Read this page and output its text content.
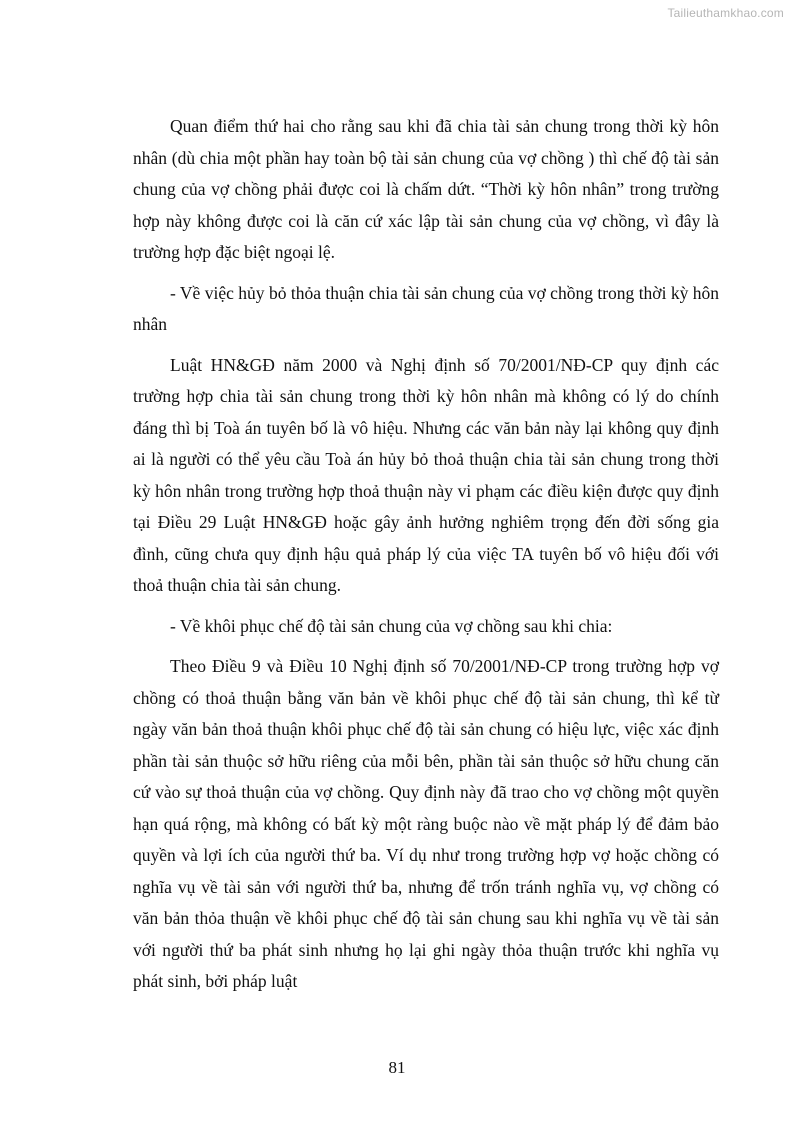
Tailieuthamkhao.com

Quan điểm thứ hai cho rằng sau khi đã chia tài sản chung trong thời kỳ hôn nhân (dù chia một phần hay toàn bộ tài sản chung của vợ chồng ) thì chế độ tài sản chung của vợ chồng phải được coi là chấm dứt. “Thời kỳ hôn nhân” trong trường hợp này không được coi là căn cứ xác lập tài sản chung của vợ chồng, vì đây là trường hợp đặc biệt ngoại lệ.

- Về việc hủy bỏ thỏa thuận chia tài sản chung của vợ chồng trong thời kỳ hôn nhân

Luật HN&GĐ năm 2000 và Nghị định số 70/2001/NĐ-CP quy định các trường hợp chia tài sản chung trong thời kỳ hôn nhân mà không có lý do chính đáng thì bị Toà án tuyên bố là vô hiệu. Nhưng các văn bản này lại không quy định ai là người có thể yêu cầu Toà án hủy bỏ thoả thuận chia tài sản chung trong thời kỳ hôn nhân trong trường hợp thoả thuận này vi phạm các điều kiện được quy định tại Điều 29 Luật HN&GĐ hoặc gây ảnh hưởng nghiêm trọng đến đời sống gia đình, cũng chưa quy định hậu quả pháp lý của việc TA tuyên bố vô hiệu đối với thoả thuận chia tài sản chung.

- Về khôi phục chế độ tài sản chung của vợ chồng sau khi chia:

Theo Điều 9 và Điều 10 Nghị định số 70/2001/NĐ-CP trong trường hợp vợ chồng có thoả thuận bằng văn bản về khôi phục chế độ tài sản chung, thì kể từ ngày văn bản thoả thuận khôi phục chế độ tài sản chung có hiệu lực, việc xác định phần tài sản thuộc sở hữu riêng của mỗi bên, phần tài sản thuộc sở hữu chung căn cứ vào sự thoả thuận của vợ chồng. Quy định này đã trao cho vợ chồng một quyền hạn quá rộng, mà không có bất kỳ một ràng buộc nào về mặt pháp lý để đảm bảo quyền và lợi ích của người thứ ba. Ví dụ như trong trường hợp vợ hoặc chồng có nghĩa vụ về tài sản với người thứ ba, nhưng để trốn tránh nghĩa vụ, vợ chồng có văn bản thỏa thuận về khôi phục chế độ tài sản chung sau khi nghĩa vụ về tài sản với người thứ ba phát sinh nhưng họ lại ghi ngày thỏa thuận trước khi nghĩa vụ phát sinh, bởi pháp luật

81
